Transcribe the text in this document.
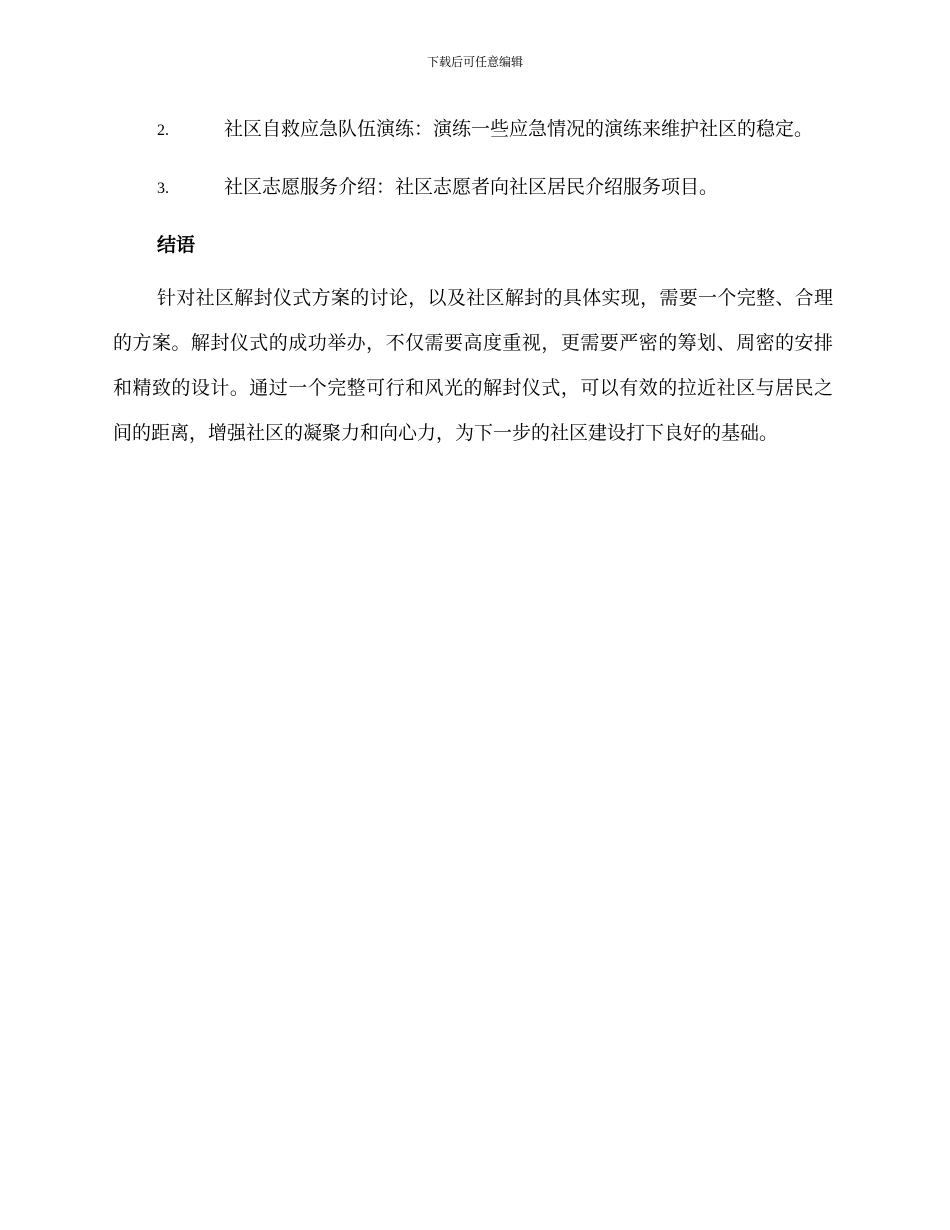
下载后可任意编辑
2.	社区自救应急队伍演练：演练一些应急情况的演练来维护社区的稳定。
3.	社区志愿服务介绍：社区志愿者向社区居民介绍服务项目。
结语

针对社区解封仪式方案的讨论，以及社区解封的具体实现，需要一个完整、合理的方案。解封仪式的成功举办，不仅需要高度重视，更需要严密的筹划、周密的安排和精致的设计。通过一个完整可行和风光的解封仪式，可以有效的拉近社区与居民之间的距离，增强社区的凝聚力和向心力，为下一步的社区建设打下良好的基础。
